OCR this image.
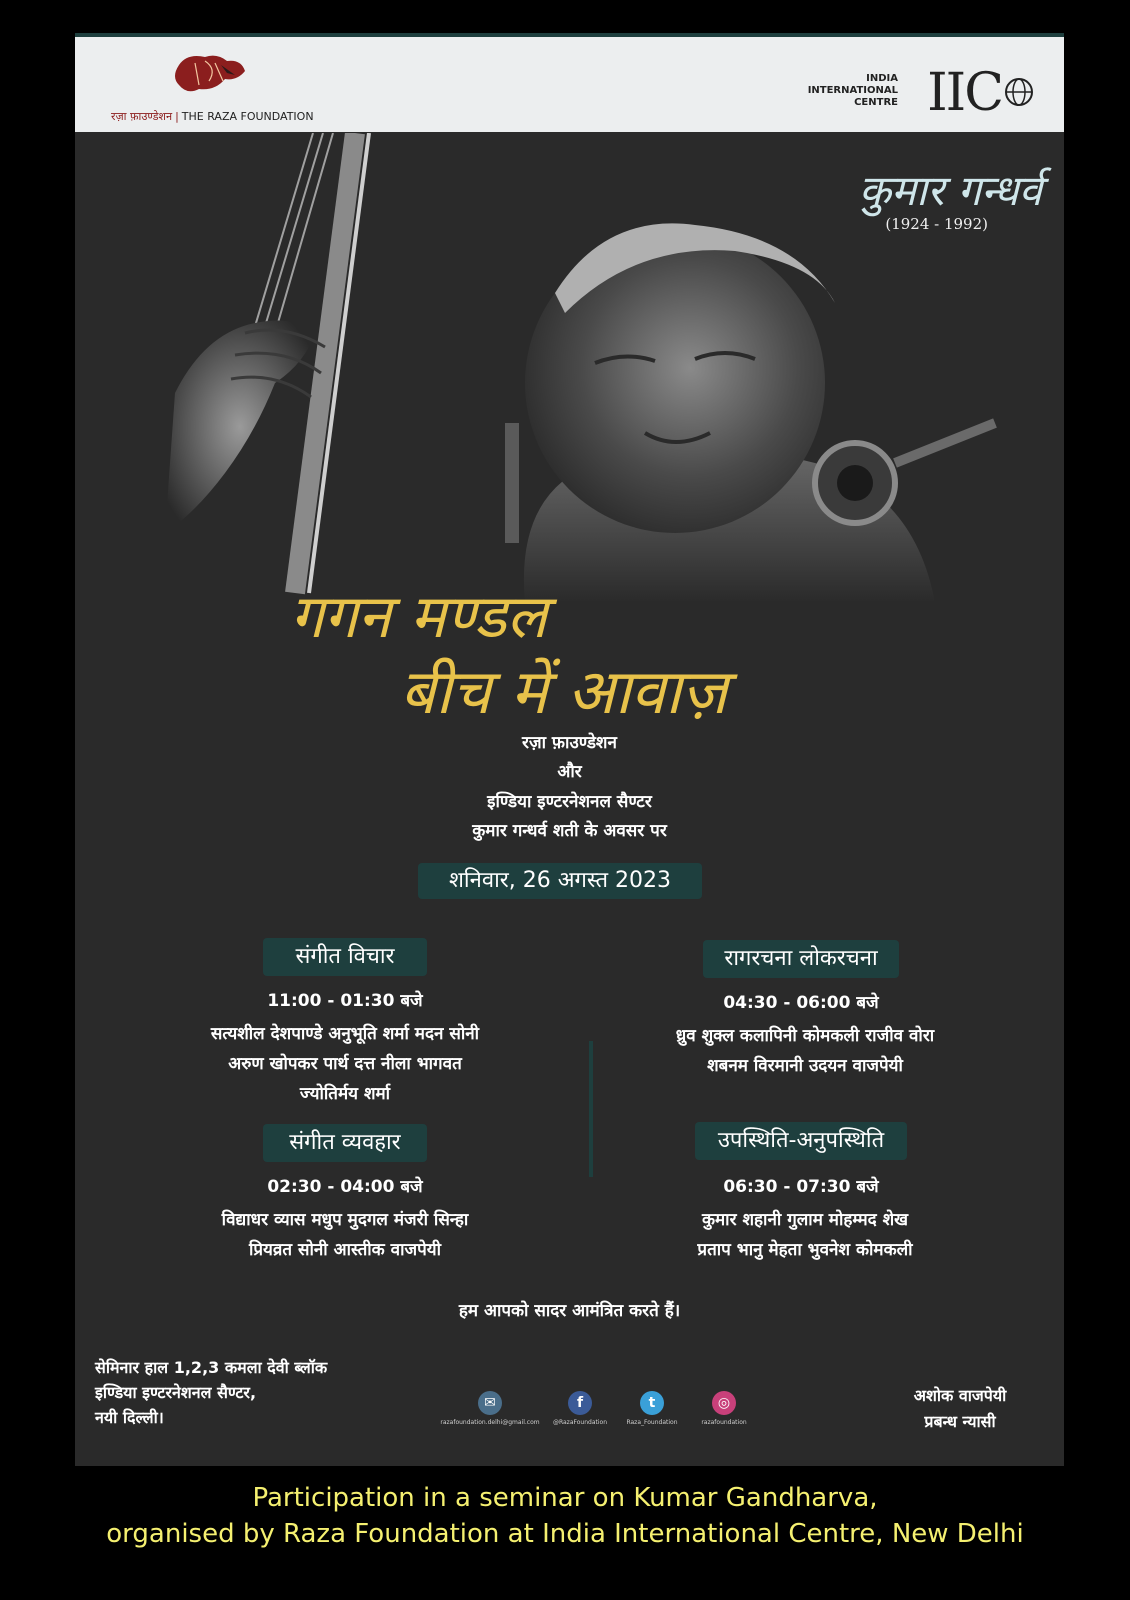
रज़ा फ़ाउण्डेशन | THE RAZA FOUNDATION
INDIA
INTERNATIONAL
CENTRE IIC
कुमार गन्धर्व
(1924 - 1992)
गगन मण्डल
बीच में आवाज़
रज़ा फ़ाउण्डेशन
और
इण्डिया इण्टरनेशनल सैण्टर
कुमार गन्धर्व शती के अवसर पर
शनिवार, 26 अगस्त 2023
संगीत विचार
11:00 - 01:30 बजे
सत्यशील देशपाण्डे अनुभूति शर्मा मदन सोनी
अरुण खोपकर पार्थ दत्त नीला भागवत
ज्योतिर्मय शर्मा
रागरचना लोकरचना
04:30 - 06:00 बजे
ध्रुव शुक्ल कलापिनी कोमकली राजीव वोरा
शबनम विरमानी उदयन वाजपेयी
संगीत व्यवहार
02:30 - 04:00 बजे
विद्याधर व्यास मधुप मुदगल मंजरी सिन्हा
प्रियव्रत सोनी आस्तीक वाजपेयी
उपस्थिति-अनुपस्थिति
06:30 - 07:30 बजे
कुमार शहानी गुलाम मोहम्मद शेख
प्रताप भानु मेहता भुवनेश कोमकली
हम आपको सादर आमंत्रित करते हैं।
सेमिनार हाल 1,2,3 कमला देवी ब्लॉक
इण्डिया इण्टरनेशनल सैण्टर,
नयी दिल्ली।
✉
razafoundation.delhi@gmail.com
f
@RazaFoundation
t
Raza_Foundation
◎
razafoundation
अशोक वाजपेयी
प्रबन्ध न्यासी
Participation in a seminar on Kumar Gandharva,
organised by Raza Foundation at India International Centre, New Delhi
